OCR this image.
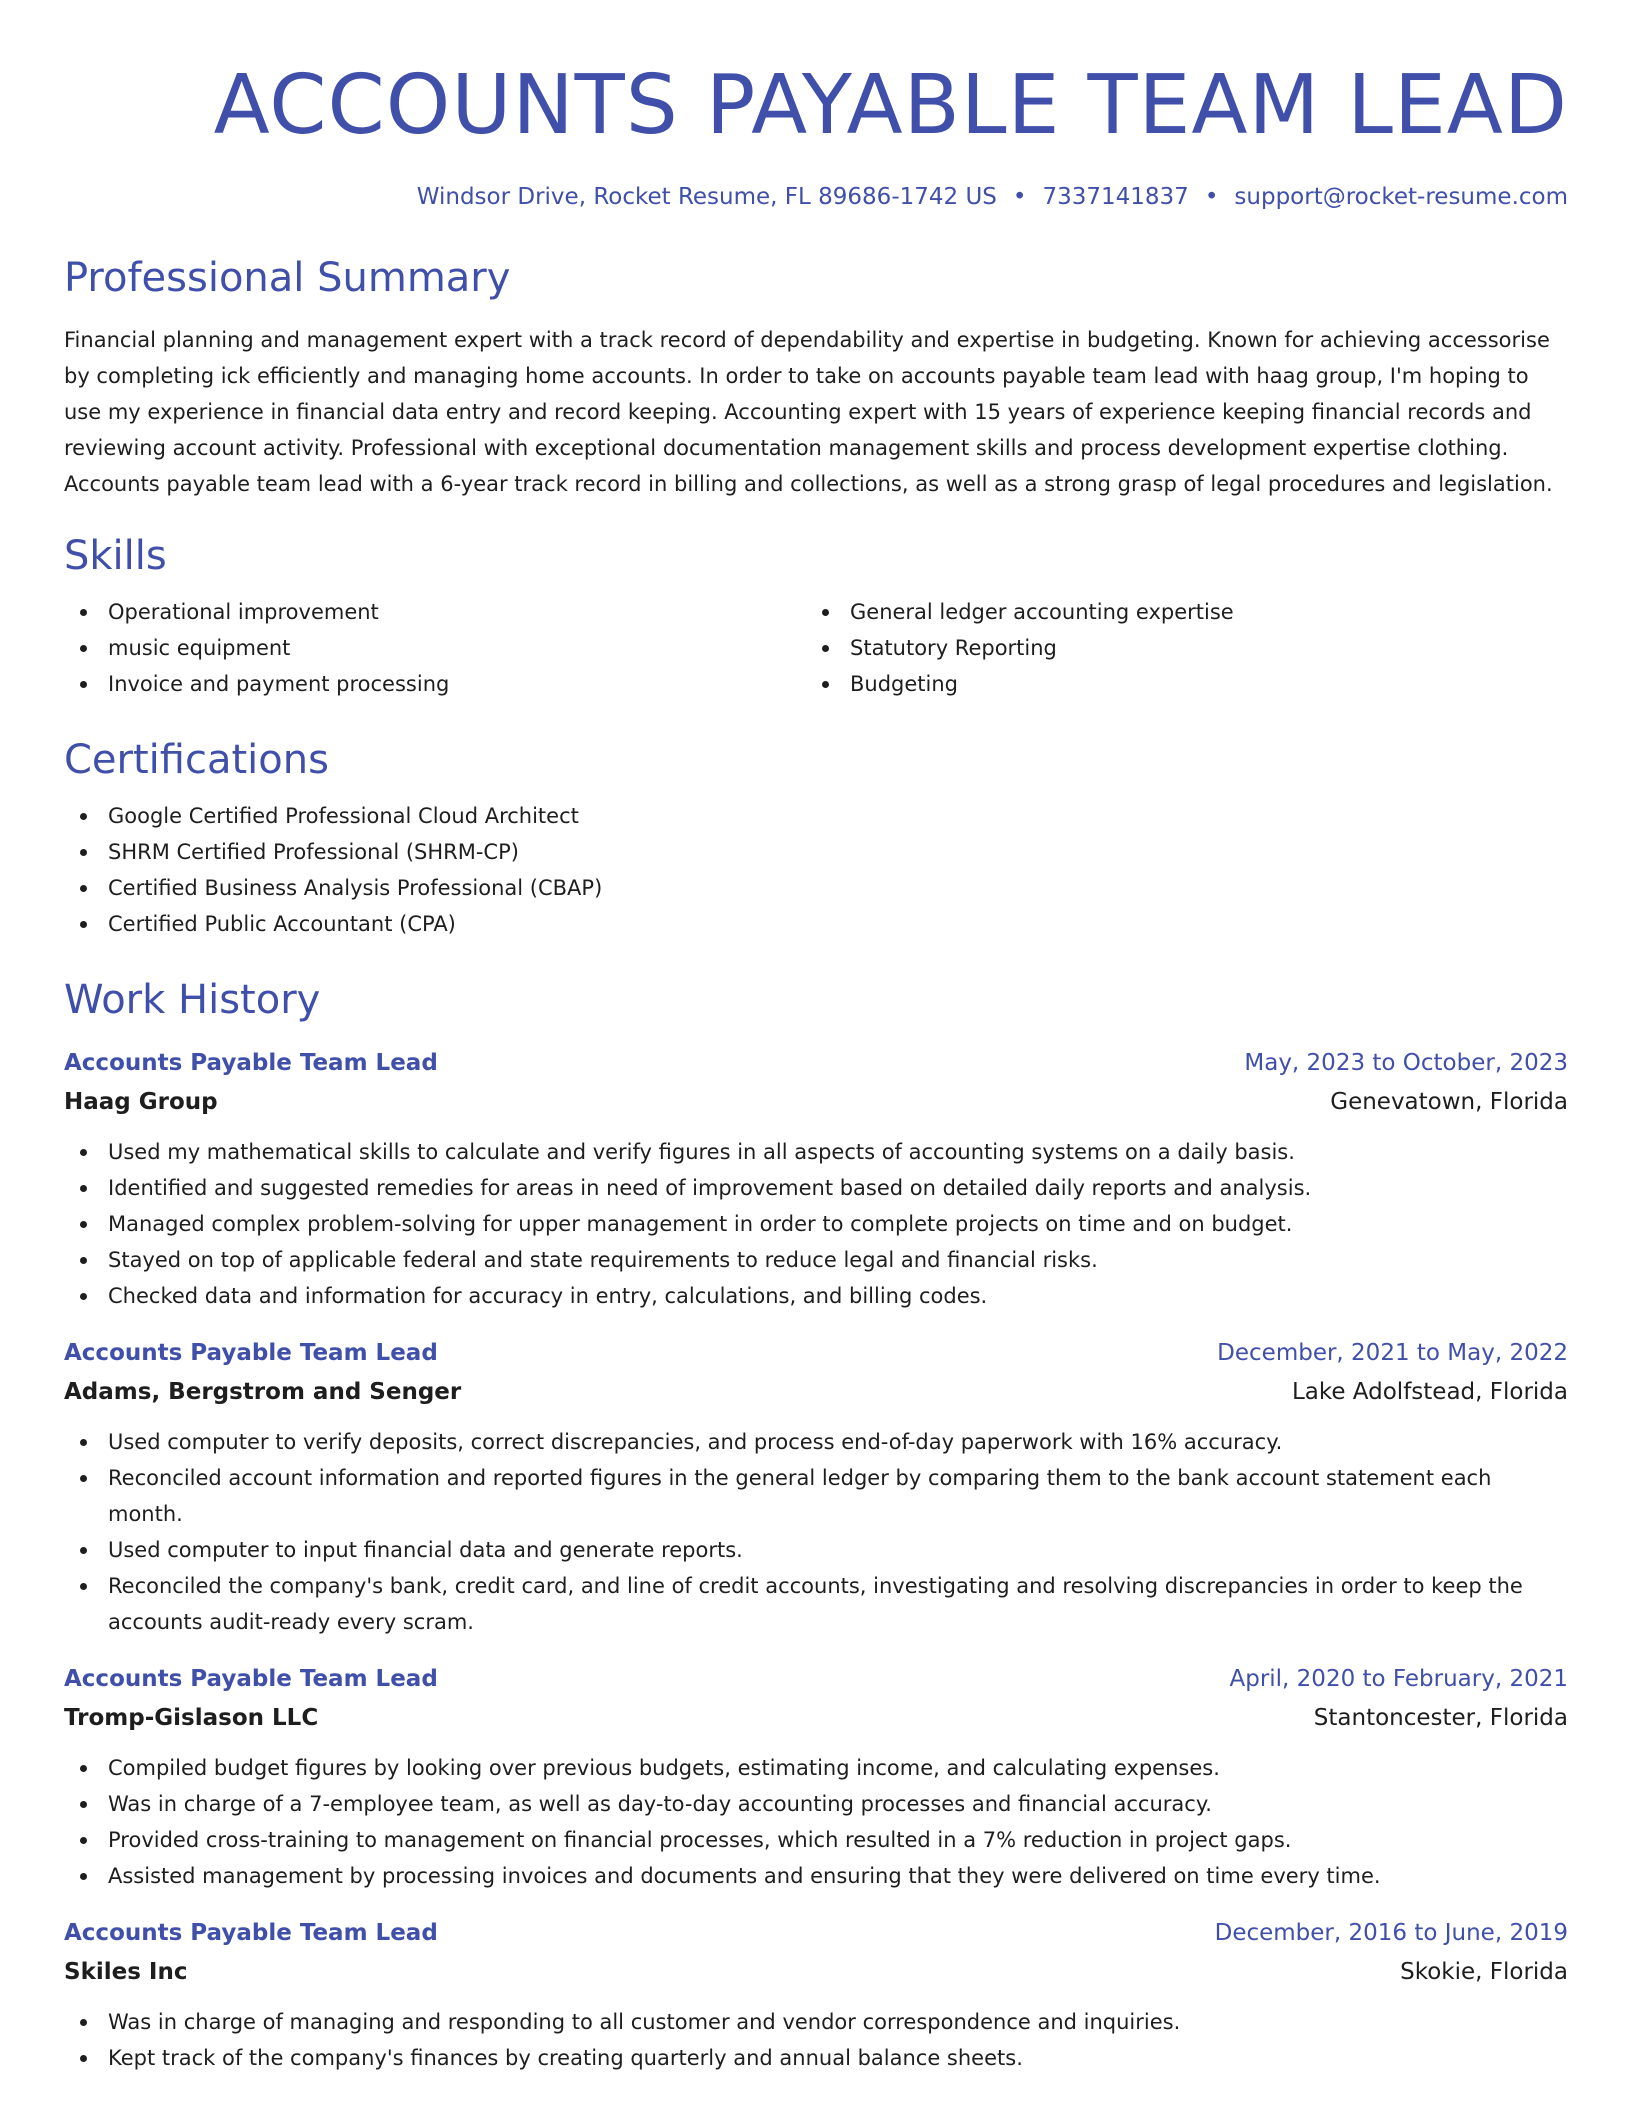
ACCOUNTS PAYABLE TEAM LEAD
Windsor Drive, Rocket Resume, FL 89686-1742 US • 7337141837 • support@rocket-resume.com
Professional Summary
Financial planning and management expert with a track record of dependability and expertise in budgeting. Known for achieving accessorise by completing ick efficiently and managing home accounts. In order to take on accounts payable team lead with haag group, I'm hoping to use my experience in financial data entry and record keeping. Accounting expert with 15 years of experience keeping financial records and reviewing account activity. Professional with exceptional documentation management skills and process development expertise clothing. Accounts payable team lead with a 6-year track record in billing and collections, as well as a strong grasp of legal procedures and legislation.
Skills
Operational improvement
music equipment
Invoice and payment processing
General ledger accounting expertise
Statutory Reporting
Budgeting
Certifications
Google Certified Professional Cloud Architect
SHRM Certified Professional (SHRM-CP)
Certified Business Analysis Professional (CBAP)
Certified Public Accountant (CPA)
Work History
Accounts Payable Team Lead	May, 2023 to October, 2023
Haag Group	Genevatown, Florida
Used my mathematical skills to calculate and verify figures in all aspects of accounting systems on a daily basis.
Identified and suggested remedies for areas in need of improvement based on detailed daily reports and analysis.
Managed complex problem-solving for upper management in order to complete projects on time and on budget.
Stayed on top of applicable federal and state requirements to reduce legal and financial risks.
Checked data and information for accuracy in entry, calculations, and billing codes.
Accounts Payable Team Lead	December, 2021 to May, 2022
Adams, Bergstrom and Senger	Lake Adolfstead, Florida
Used computer to verify deposits, correct discrepancies, and process end-of-day paperwork with 16% accuracy.
Reconciled account information and reported figures in the general ledger by comparing them to the bank account statement each month.
Used computer to input financial data and generate reports.
Reconciled the company's bank, credit card, and line of credit accounts, investigating and resolving discrepancies in order to keep the accounts audit-ready every scram.
Accounts Payable Team Lead	April, 2020 to February, 2021
Tromp-Gislason LLC	Stantoncester, Florida
Compiled budget figures by looking over previous budgets, estimating income, and calculating expenses.
Was in charge of a 7-employee team, as well as day-to-day accounting processes and financial accuracy.
Provided cross-training to management on financial processes, which resulted in a 7% reduction in project gaps.
Assisted management by processing invoices and documents and ensuring that they were delivered on time every time.
Accounts Payable Team Lead	December, 2016 to June, 2019
Skiles Inc	Skokie, Florida
Was in charge of managing and responding to all customer and vendor correspondence and inquiries.
Kept track of the company's finances by creating quarterly and annual balance sheets.
